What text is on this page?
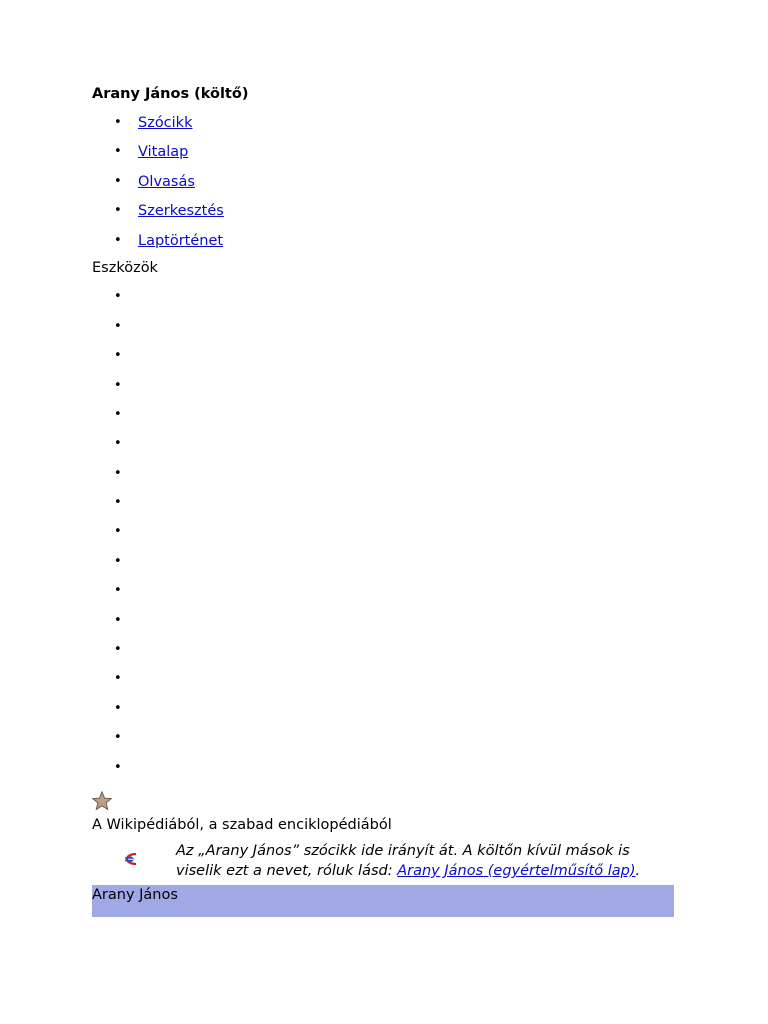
Arany János (költő)
• Szócikk
• Vitalap
• Olvasás
• Szerkesztés
• Laptörténet
Eszközök
•
•
•
•
•
•
•
•
•
•
•
•
•
•
•
•
•
A Wikipédiából, a szabad enciklopédiából
Az „Arany János” szócikk ide irányít át. A költőn kívül mások is viselik ezt a nevet, róluk lásd: Arany János (egyértelműsítő lap).
Arany János
